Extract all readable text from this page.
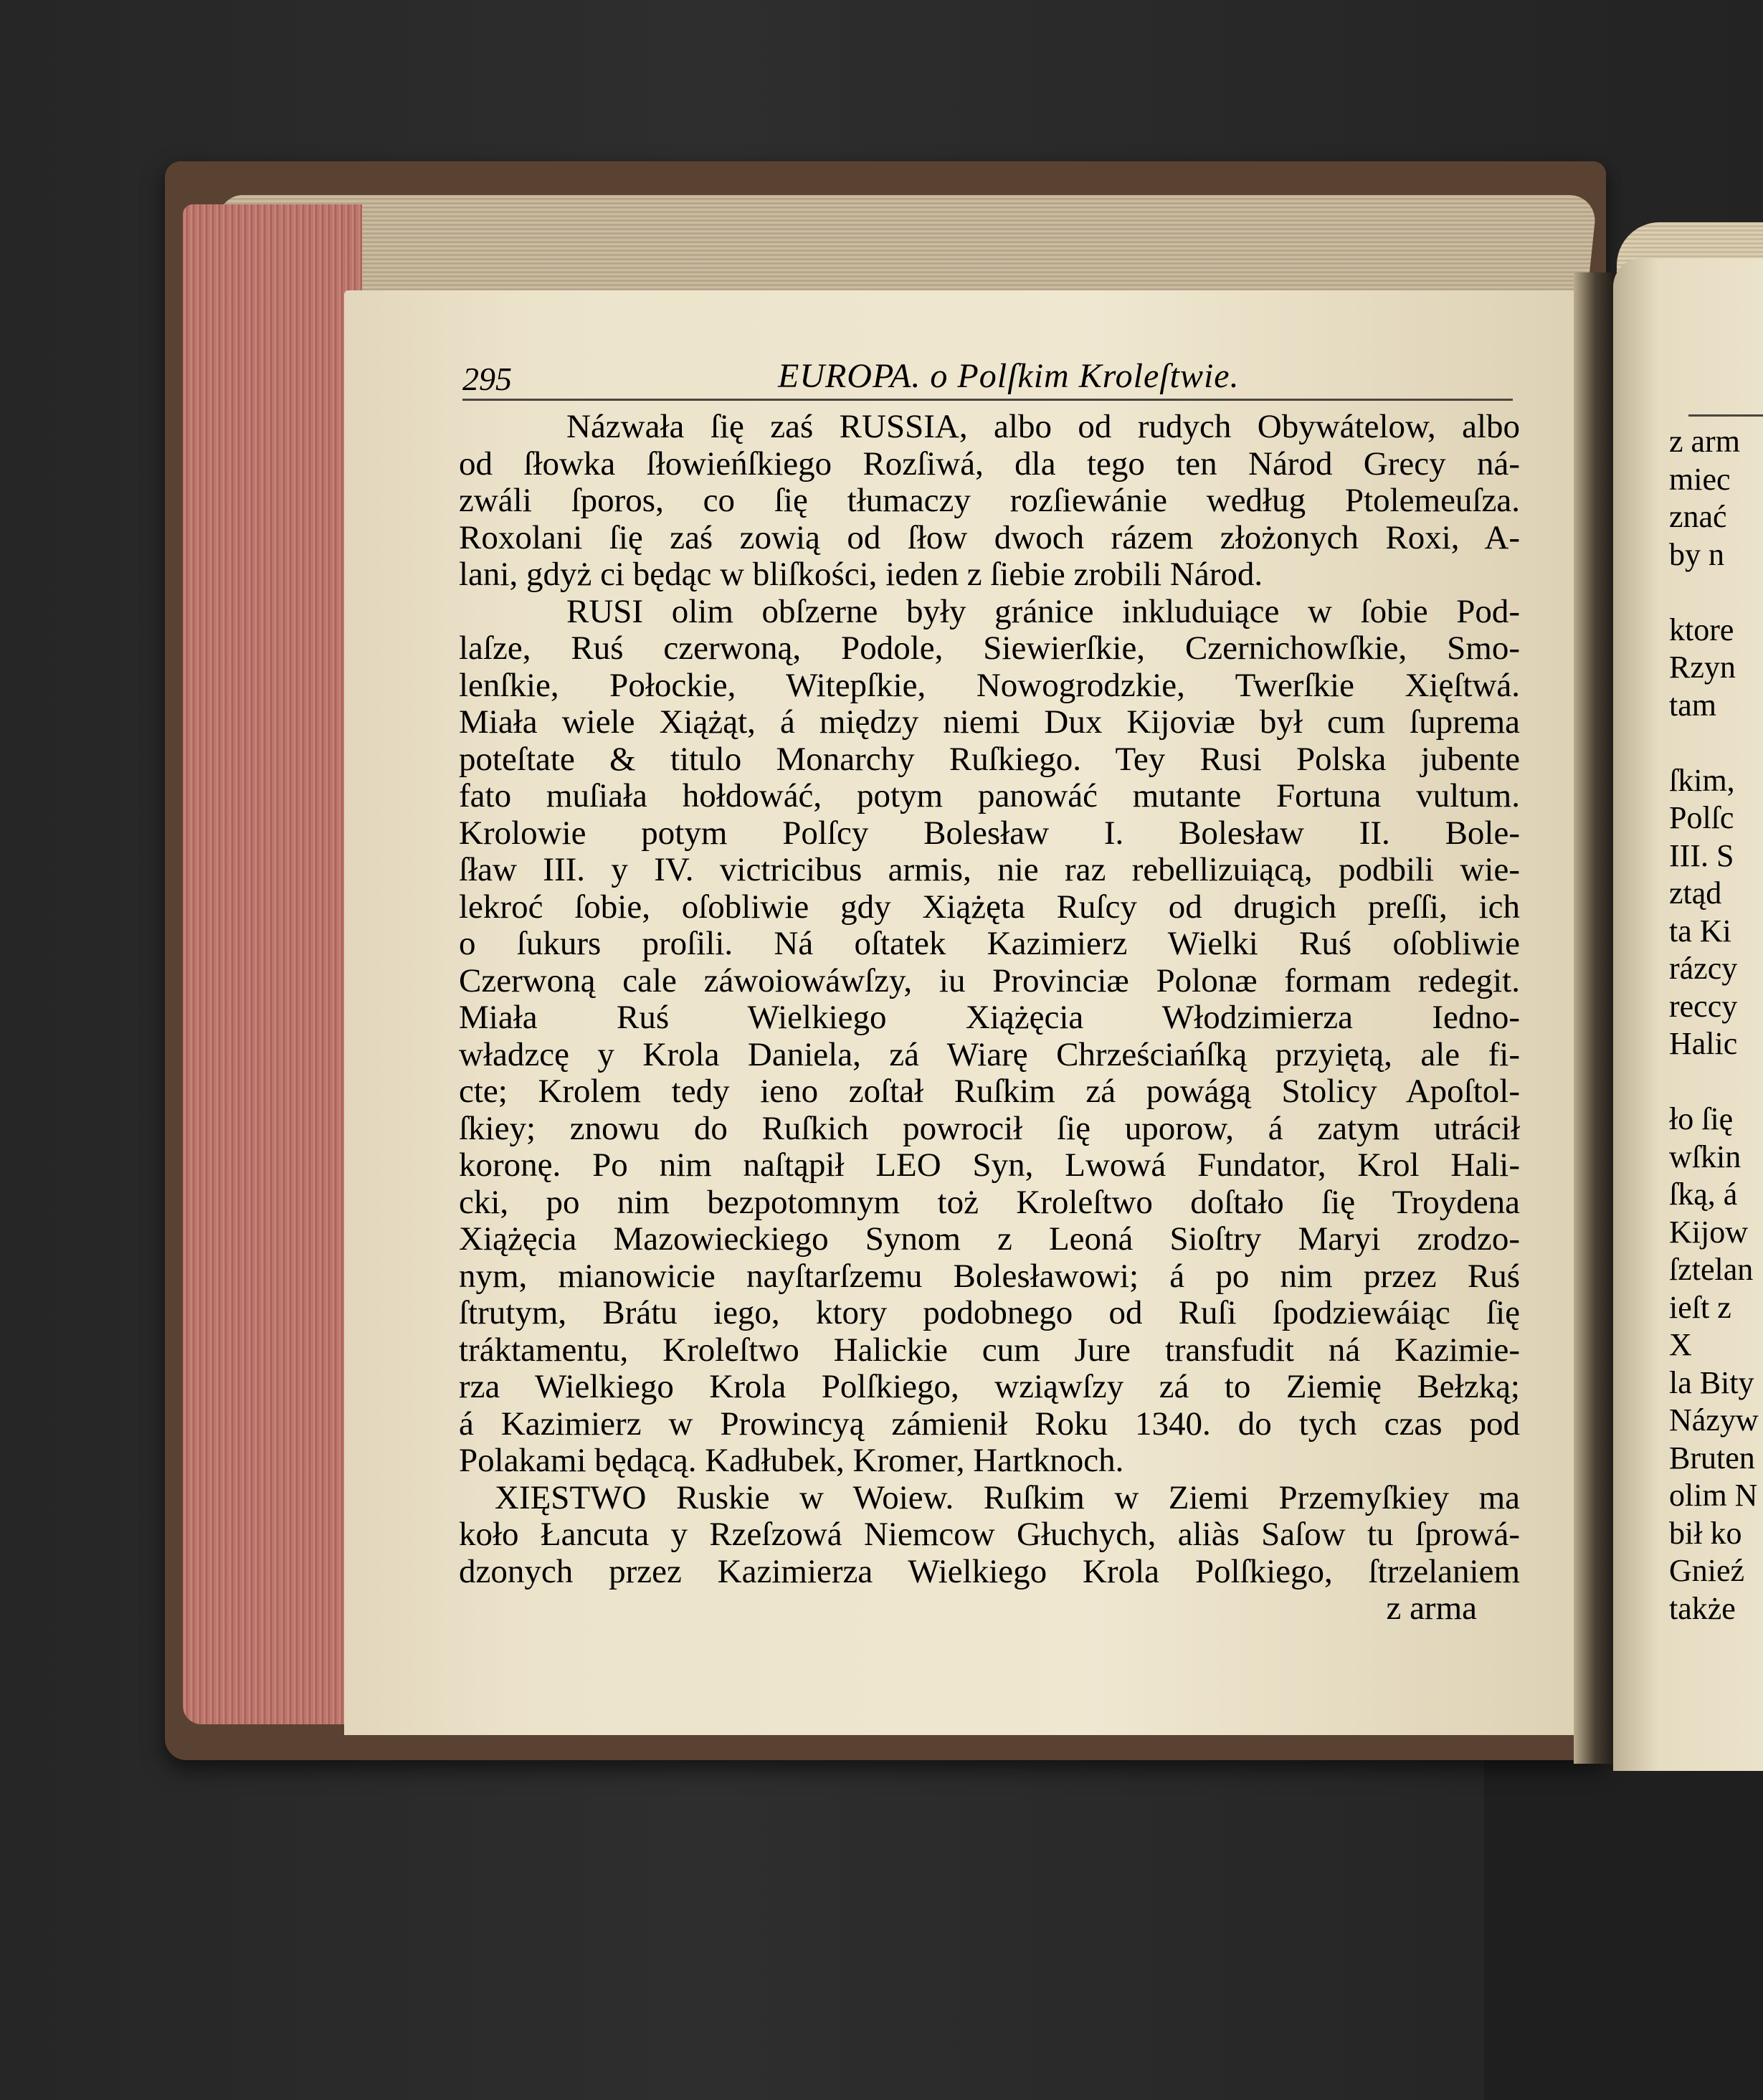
295	EUROPA. o Polſkim Kroleſtwie.
Názwała ſię zaś RUSSIA, albo od rudych Obywátelow, albo
od ſłowka ſłowieńſkiego Rozſiwá, dla tego ten Národ Grecy ná-
zwáli ſporos, co ſię tłumaczy rozſiewánie według Ptolemeuſza.
Roxolani ſię zaś zowią od ſłow dwoch rázem złożonych Roxi, A-
lani, gdyż ci będąc w bliſkości, ieden z ſiebie zrobili Národ.
RUSI olim obſzerne były gránice inkluduiące w ſobie Pod-
laſze, Ruś czerwoną, Podole, Siewierſkie, Czernichowſkie, Smo-
lenſkie, Połockie, Witepſkie, Nowogrodzkie, Twerſkie Xięſtwá.
Miała wiele Xiążąt, á między niemi Dux Kijoviæ był cum ſuprema
poteſtate & titulo Monarchy Ruſkiego. Tey Rusi Polska jubente
fato muſiała hołdowáć, potym panowáć mutante Fortuna vultum.
Krolowie potym Polſcy Bolesław I. Bolesław II. Bole-
ſław III. y IV. victricibus armis, nie raz rebellizuiącą, podbili wie-
lekroć ſobie, oſobliwie gdy Xiążęta Ruſcy od drugich preſſi, ich
o ſukurs proſili. Ná oſtatek Kazimierz Wielki Ruś oſobliwie
Czerwoną cale záwoiowáwſzy, iu Provinciæ Polonæ formam redegit.
Miała Ruś Wielkiego Xiążęcia Włodzimierza Iedno-
władzcę y Krola Daniela, zá Wiarę Chrześciańſką przyiętą, ale fi-
cte; Krolem tedy ieno zoſtał Ruſkim zá powágą Stolicy Apoſtol-
ſkiey; znowu do Ruſkich powrocił ſię uporow, á zatym utrácił
koronę. Po nim naſtąpił LEO Syn, Lwowá Fundator, Krol Hali-
cki, po nim bezpotomnym toż Kroleſtwo doſtało ſię Troydena
Xiążęcia Mazowieckiego Synom z Leoná Sioſtry Maryi zrodzo-
nym, mianowicie nayſtarſzemu Bolesławowi; á po nim przez Ruś
ſtrutym, Brátu iego, ktory podobnego od Ruſi ſpodziewáiąc ſię
tráktamentu, Kroleſtwo Halickie cum Jure transfudit ná Kazimie-
rza Wielkiego Krola Polſkiego, wziąwſzy zá to Ziemię Bełzką;
á Kazimierz w Prowincyą zámienił Roku 1340. do tych czas pod
Polakami będącą. Kadłubek, Kromer, Hartknoch.
XIĘSTWO Ruskie w Woiew. Ruſkim w Ziemi Przemyſkiey ma
koło Łancuta y Rzeſzowá Niemcow Głuchych, aliàs Saſow tu ſprowá-
dzonych przez Kazimierza Wielkiego Krola Polſkiego, ſtrzelaniem
z arma
z arm
miec
znać
by n
ktore
Rzyn
tam
ſkim,
Polſc
III. S
ztąd
ta Ki
rázcy
reccy
Halic
ło ſię
wſkin
ſką, á
Kijow
ſztelan
ieſt z
X
la Bity
Názyw
Bruten
olim N
bił ko
Gnieź
także
